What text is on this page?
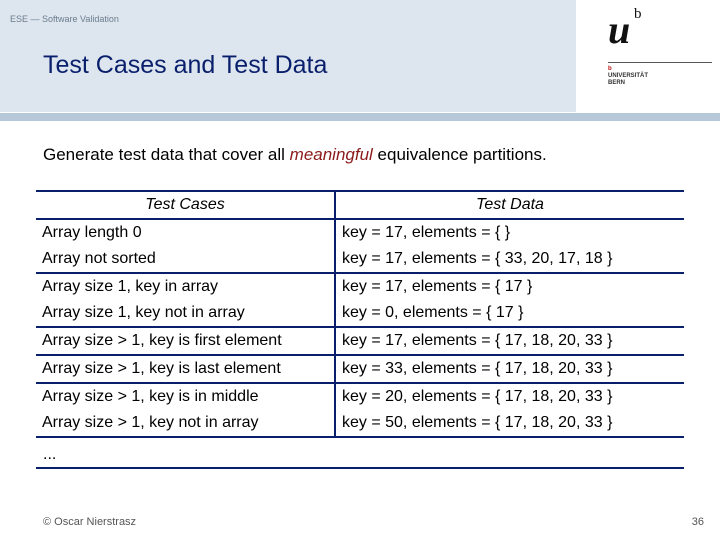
ESE — Software Validation
Test Cases and Test Data
u b
b
UNIVERSITÄT
BERN
Generate test data that cover all meaningful equivalence partitions.
Test Cases	Test Data
Array length 0	key = 17, elements = { }
Array not sorted	key = 17, elements = { 33, 20, 17, 18 }
Array size 1, key in array	key = 17, elements = { 17 }
Array size 1, key not in array	key = 0, elements = { 17 }
Array size > 1, key is first element	key = 17, elements = { 17, 18, 20, 33 }
Array size > 1, key is last element	key = 33, elements = { 17, 18, 20, 33 }
Array size > 1, key is in middle	key = 20, elements = { 17, 18, 20, 33 }
Array size > 1, key not in array	key = 50, elements = { 17, 18, 20, 33 }
...
© Oscar Nierstrasz	36
